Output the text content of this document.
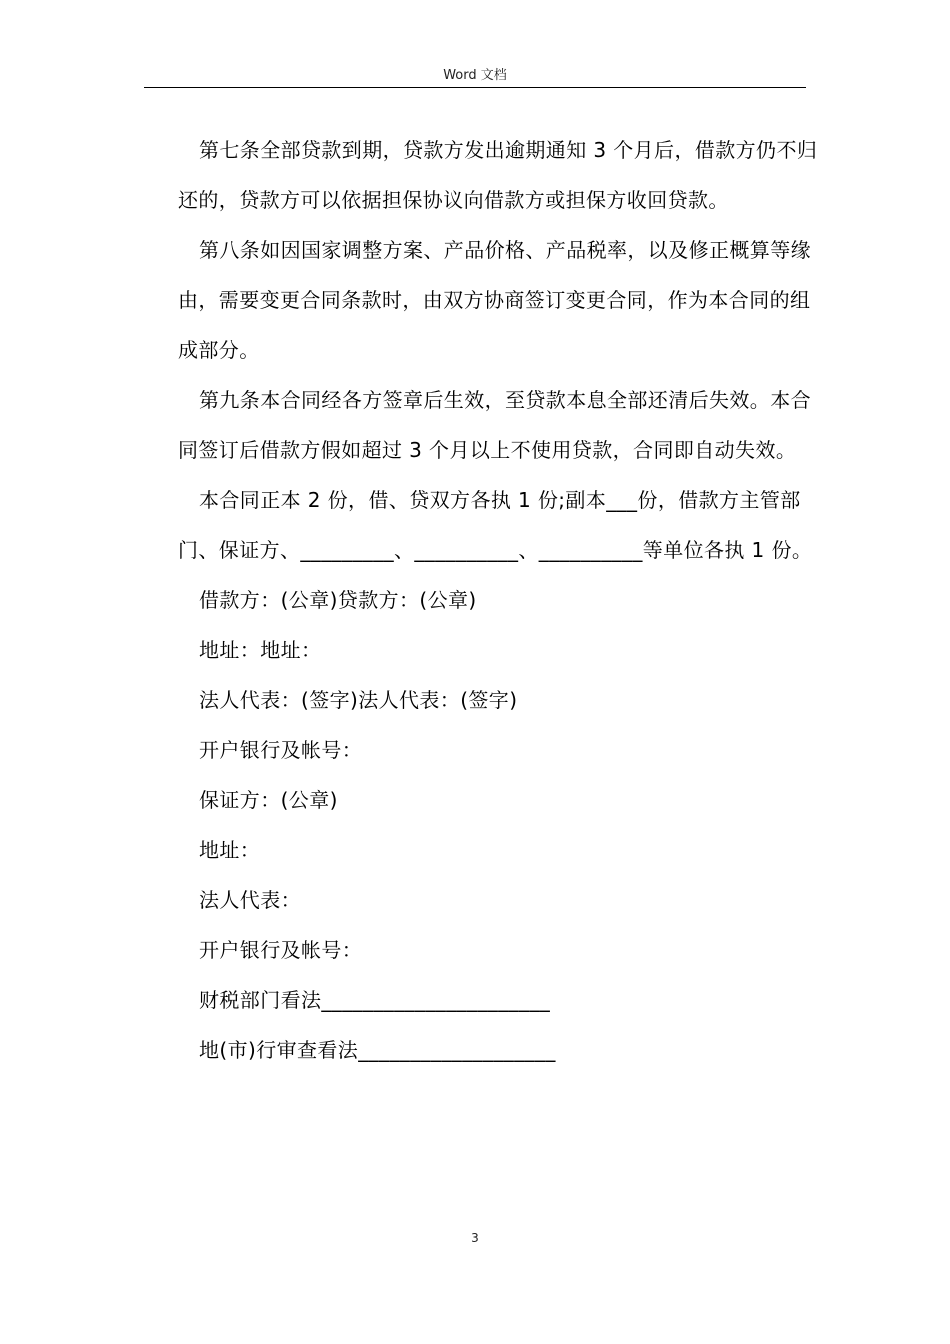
Word 文档

第七条全部贷款到期，贷款方发出逾期通知 3 个月后，借款方仍不归还的，贷款方可以依据担保协议向借款方或担保方收回贷款。

第八条如因国家调整方案、产品价格、产品税率，以及修正概算等缘由，需要变更合同条款时，由双方协商签订变更合同，作为本合同的组成部分。

第九条本合同经各方签章后生效，至贷款本息全部还清后失效。本合同签订后借款方假如超过 3 个月以上不使用贷款，合同即自动失效。

本合同正本 2 份，借、贷双方各执 1 份;副本___份，借款方主管部门、保证方、_________、__________、__________等单位各执 1 份。

借款方：(公章)贷款方：(公章)

地址：地址：

法人代表：(签字)法人代表：(签字)

开户银行及帐号：

保证方：(公章)

地址：

法人代表：

开户银行及帐号：

财税部门看法______________________

地(市)行审查看法___________________

3
